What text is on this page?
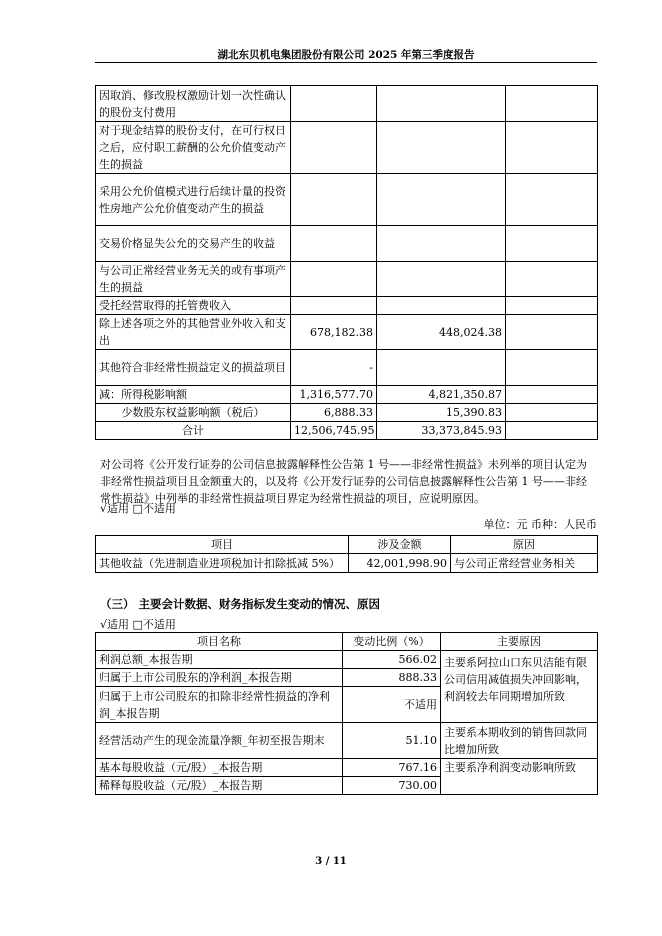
湖北东贝机电集团股份有限公司 2025 年第三季度报告
因取消、修改股权激励计划一次性确认的股份支付费用			
对于现金结算的股份支付，在可行权日之后，应付职工薪酬的公允价值变动产生的损益			
采用公允价值模式进行后续计量的投资性房地产公允价值变动产生的损益			
交易价格显失公允的交易产生的收益			
与公司正常经营业务无关的或有事项产生的损益			
受托经营取得的托管费收入			
除上述各项之外的其他营业外收入和支出	678,182.38	448,024.38	
其他符合非经常性损益定义的损益项目	-		
减：所得税影响额	1,316,577.70	4,821,350.87	
少数股东权益影响额（税后）	6,888.33	15,390.83	
合计	12,506,745.95	33,373,845.93	
对公司将《公开发行证券的公司信息披露解释性公告第 1 号——非经常性损益》未列举的项目认定为非经常性损益项目且金额重大的，以及将《公开发行证券的公司信息披露解释性公告第 1 号——非经常性损益》中列举的非经常性损益项目界定为经常性损益的项目，应说明原因。
√适用 □不适用
单位：元 币种：人民币
项目	涉及金额	原因
其他收益（先进制造业进项税加计扣除抵减 5%）	42,001,998.90	与公司正常经营业务相关
（三） 主要会计数据、财务指标发生变动的情况、原因
√适用 □不适用
项目名称	变动比例（%）	主要原因
利润总额_本报告期	566.02	主要系阿拉山口东贝洁能有限公司信用减值损失冲回影响，利润较去年同期增加所致
归属于上市公司股东的净利润_本报告期	888.33	
归属于上市公司股东的扣除非经常性损益的净利润_本报告期	不适用	
经营活动产生的现金流量净额_年初至报告期末	51.10	主要系本期收到的销售回款同比增加所致
基本每股收益（元/股）_本报告期	767.16	主要系净利润变动影响所致
稀释每股收益（元/股）_本报告期	730.00	
3 / 11
